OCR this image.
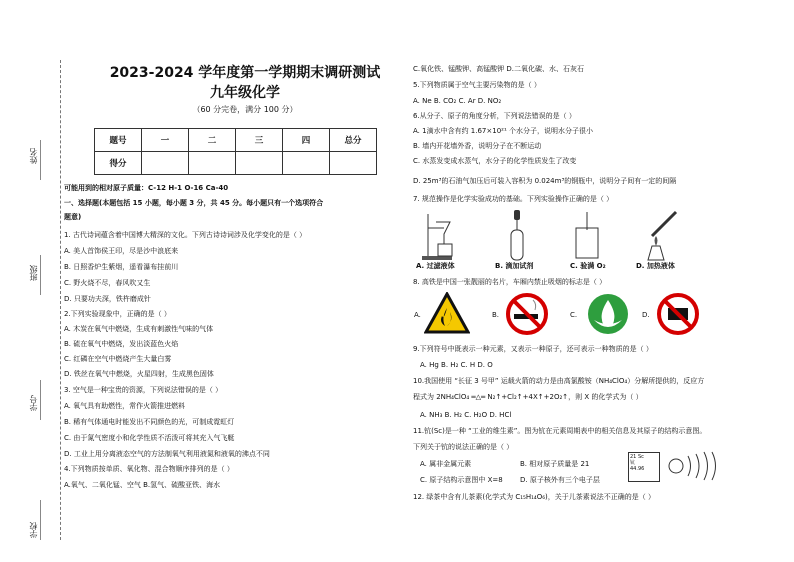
姓名
班级
学号
学校
2023-2024 学年度第一学期期末调研测试
九年级化学
（60 分完卷，满分 100 分）
题号	一	二	三	四	总分
得分					
可能用到的相对原子质量：C-12 H-1 O-16 Ca-40
一、选择题(本题包括 15 小题，每小题 3 分，共 45 分。每小题只有一个选项符合
题意)
1. 古代诗词蕴含着中国博大精深的文化。下列古诗诗词涉及化学变化的是（ ）
A. 美人首饰侯王印，尽是沙中浪底来
B. 日照香炉生紫烟，遥看瀑布挂前川
C. 野火烧不尽，春风吹又生
D. 只要功夫深，铁杵磨成针
2.下列实验现象中，正确的是（ ）
A. 木炭在氧气中燃烧，生成有刺激性气味的气体
B. 硫在氧气中燃烧，发出淡蓝色火焰
C. 红磷在空气中燃烧产生大量白雾
D. 铁丝在氧气中燃烧，火星四射，生成黑色固体
3. 空气是一种宝贵的资源，下列说法错误的是（ ）
A. 氧气具有助燃性，常作火箭推进燃料
B. 稀有气体通电时能发出不同颜色的光，可制成霓虹灯
C. 由于氮气密度小和化学性质不活泼可将其充入气飞艇
D. 工业上用分离液态空气的方法制氧气利用液氮和液氧的沸点不同
4.下列物质按单质、氧化物、混合物顺序排列的是（ ）
A.氧气、二氧化锰、空气 B.氢气、硫酸亚铁、海水
C.氧化铁、锰酸钾、高锰酸钾 D.二氧化碳、水、石灰石
5.下列物质属于空气主要污染物的是（ ）
A. Ne B. CO₂ C. Ar D. NO₂
6.从分子、原子的角度分析，下列说法错误的是（ ）
A. 1滴水中含有约 1.67×10²¹ 个水分子，说明水分子很小
B. 墙内开花墙外香，说明分子在不断运动
C. 水蒸发变成水蒸气，水分子的化学性质发生了改变
D. 25m³的石油气加压后可装入容积为 0.024m³的钢瓶中，说明分子间有一定的间隔
7. 规范操作是化学实验成功的基础。下列实验操作正确的是（ ）
A. 过滤液体	B. 滴加试剂	C. 验满 O₂	D. 加热液体
8. 高铁是中国一张靓丽的名片，车厢内禁止吸烟的标志是（ ）
A.	B.	C.	D.
9.下列符号中既表示一种元素，又表示一种原子，还可表示一种物质的是（ ）
A. Hg B. H₂ C. H D. O
10.我国使用 “长征 3 号甲” 运载火箭的动力是由高氯酸铵（NH₄ClO₄）分解所提供的，反应方
程式为 2NH₄ClO₄ ═△═ N₂↑+Cl₂↑+4X↑+2O₂↑，则 X 的化学式为（ ）
A. NH₃ B. H₂ C. H₂O D. HCl
11.钪(Sc)是一种 “工业的维生素”。图为钪在元素周期表中的相关信息及其原子的结构示意图。
下列关于钪的说法正确的是（ ）
A. 属非金属元素	B. 相对原子质量是 21
C. 原子结构示意图中 X=8 D. 原子核外有三个电子层
21 Sc
钪
44.96
12. 绿茶中含有儿茶素(化学式为 C₁₅H₁₄O₆)，关于儿茶素说法不正确的是（ ）
